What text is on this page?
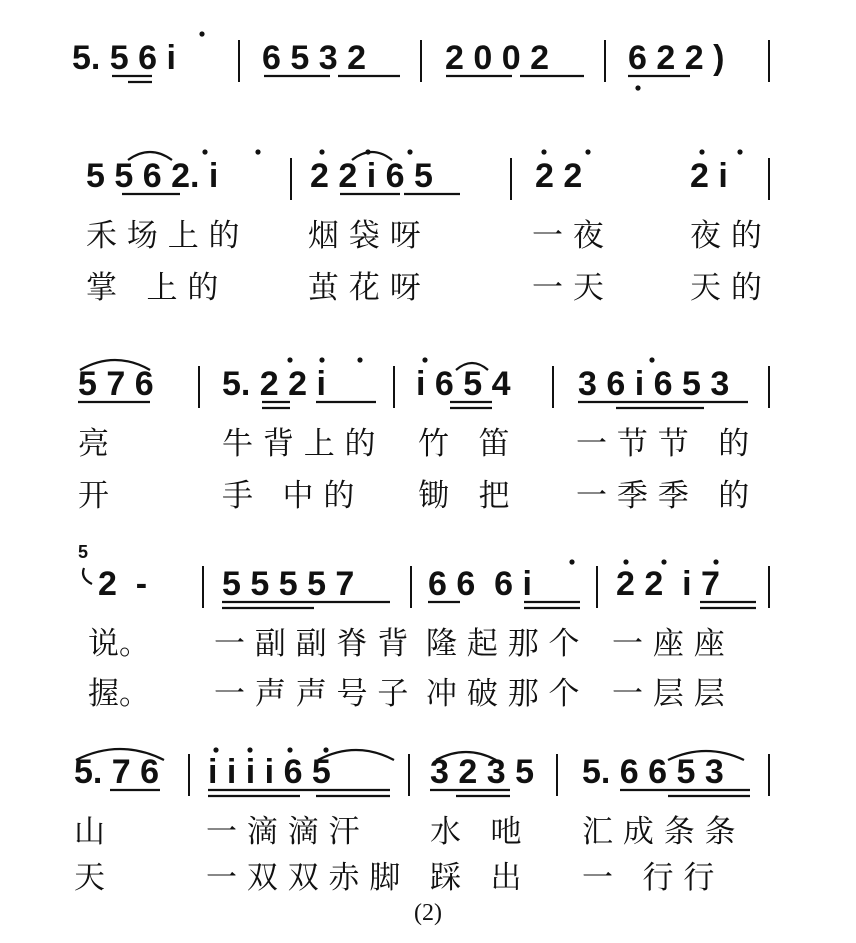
5. 5 6 i	6 5 3 2 2 0 0 2 6 2 2 )
5 5 6 2. i	2 2 i 6 5	2 2	2 i
禾 场 上 的 烟 袋 呀	一 夜	夜 的
掌   上 的	茧 花 呀	一 天	天 的
5 7 6 5. 2 2 i	i 6 5 4 3 6 i 6 5 3
亮	牛 背 上 的 竹   笛 一 节 节   的
开	手   中 的 锄   把 一 季 季   的
5
2  - 5 5 5 5 7 6 6  6 i 2 2  i 7
说。 一 副 副 脊 背 隆 起 那 个 一 座 座
握。 一 声 声 号 子 冲 破 那 个 一 层 层
5. 7 6 i i i i 6 5	3 2 3 5 5. 6 6 5 3
山	一 滴 滴 汗 水   吔 汇 成 条 条
天	一 双 双 赤 脚 踩   出 一   行 行
(2)
